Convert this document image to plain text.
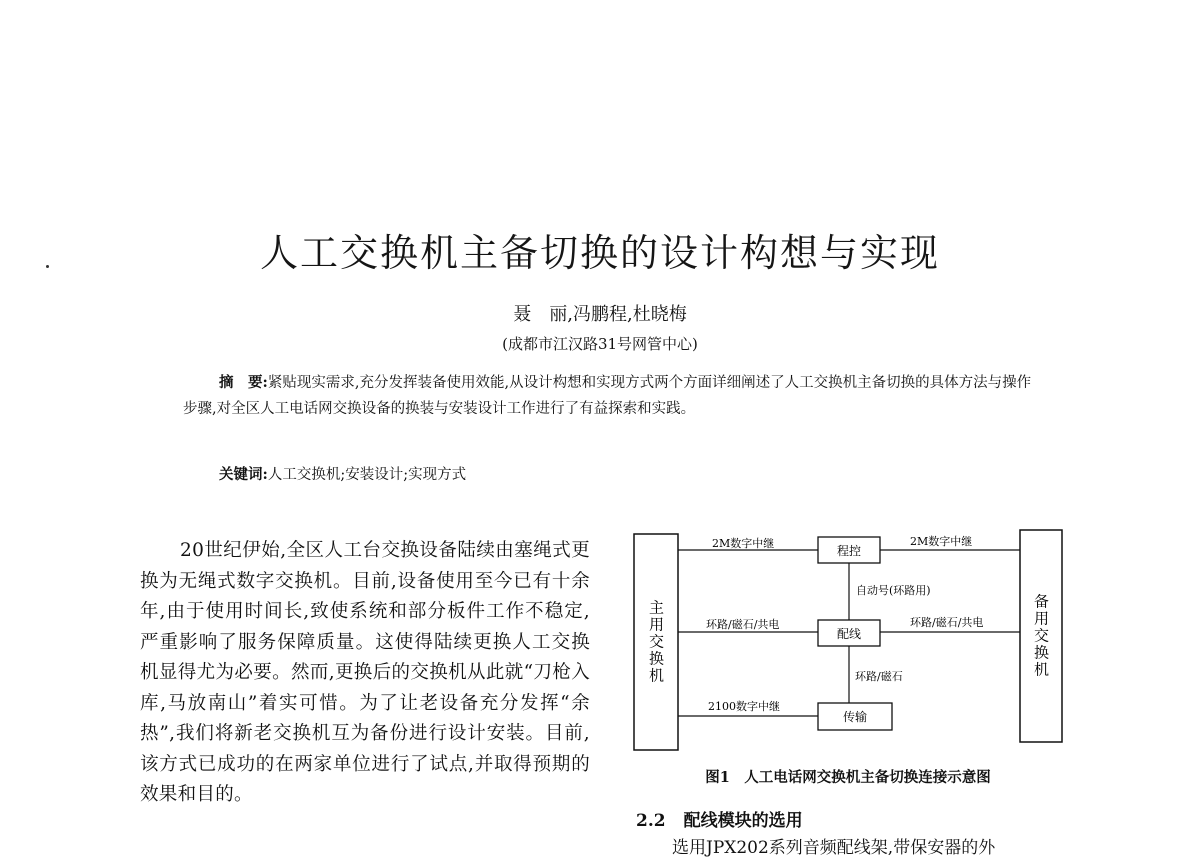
人工交换机主备切换的设计构想与实现
聂　丽,冯鹏程,杜晓梅
(成都市江汉路31号网管中心)
摘　要:紧贴现实需求,充分发挥装备使用效能,从设计构想和实现方式两个方面详细阐述了人工交换机主备切换的具体方法与操作步骤,对全区人工电话网交换设备的换装与安装设计工作进行了有益探索和实践。
关键词:人工交换机;安装设计;实现方式
20世纪伊始,全区人工台交换设备陆续由塞绳式更换为无绳式数字交换机。目前,设备使用至今已有十余年,由于使用时间长,致使系统和部分板件工作不稳定,严重影响了服务保障质量。这使得陆续更换人工交换机显得尤为必要。然而,更换后的交换机从此就“刀枪入库,马放南山”着实可惜。为了让老设备充分发挥“余热”,我们将新老交换机互为备份进行设计安装。目前,该方式已成功的在两家单位进行了试点,并取得预期的效果和目的。
主用交换机	备用交换机
程控
配线
传输
2M数字中继	2M数字中继
自动号(环路用)
环路/磁石/共电	环路/磁石/共电
环路/磁石
2100数字中继
图1　人工电话网交换机主备切换连接示意图
2.2 配线模块的选用
选用JPX202系列音频配线架,带保安器的外
